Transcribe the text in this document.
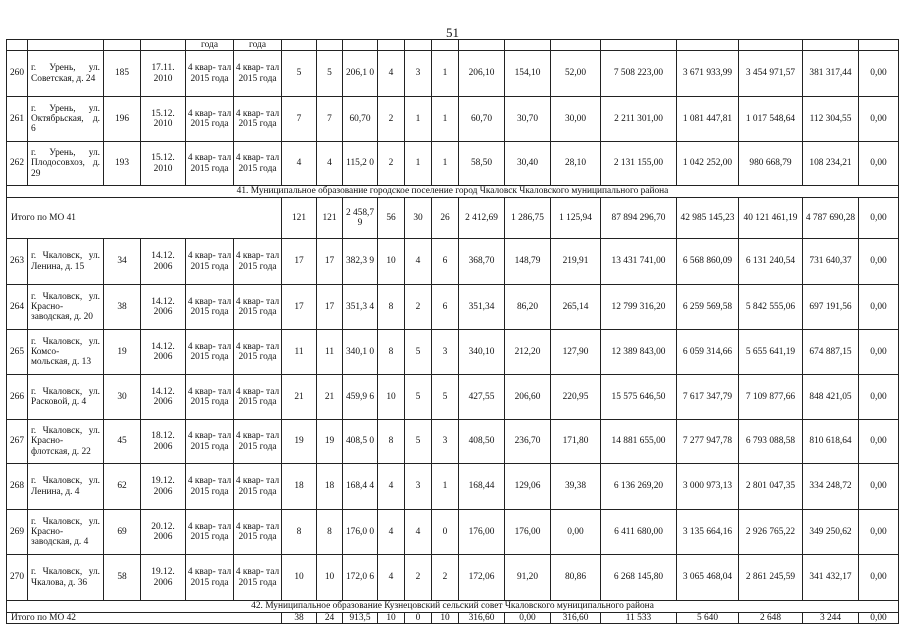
51
				года	года														
260	г. Урень, ул. Советская, д. 24	185	17.11. 2010	4 квар- тал 2015 года	4 квар- тал 2015 года	5	5	206,1 0	4	3	1	206,10	154,10	52,00	7 508 223,00	3 671 933,99	3 454 971,57	381 317,44	0,00
261	г. Урень, ул. Октябрьская, д. 6	196	15.12. 2010	4 квар- тал 2015 года	4 квар- тал 2015 года	7	7	60,70	2	1	1	60,70	30,70	30,00	2 211 301,00	1 081 447,81	1 017 548,64	112 304,55	0,00
262	г. Урень, ул. Плодосовхоз, д. 29	193	15.12. 2010	4 квар- тал 2015 года	4 квар- тал 2015 года	4	4	115,2 0	2	1	1	58,50	30,40	28,10	2 131 155,00	1 042 252,00	980 668,79	108 234,21	0,00
41. Муниципальное образование городское поселение город Чкаловск Чкаловского муниципального района																			
Итого по МО 41						121	121	2 458,7 9	56	30	26	2 412,69	1 286,75	1 125,94	87 894 296,70	42 985 145,23	40 121 461,19	4 787 690,28	0,00
263	г. Чкаловск, ул. Ленина, д. 15	34	14.12. 2006	4 квар- тал 2015 года	4 квар- тал 2015 года	17	17	382,3 9	10	4	6	368,70	148,79	219,91	13 431 741,00	6 568 860,09	6 131 240,54	731 640,37	0,00
264	г. Чкаловск, ул. Красно- заводская, д. 20	38	14.12. 2006	4 квар- тал 2015 года	4 квар- тал 2015 года	17	17	351,3 4	8	2	6	351,34	86,20	265,14	12 799 316,20	6 259 569,58	5 842 555,06	697 191,56	0,00
265	г. Чкаловск, ул. Комсо- мольская, д. 13	19	14.12. 2006	4 квар- тал 2015 года	4 квар- тал 2015 года	11	11	340,1 0	8	5	3	340,10	212,20	127,90	12 389 843,00	6 059 314,66	5 655 641,19	674 887,15	0,00
266	г. Чкаловск, ул. Расковой, д. 4	30	14.12. 2006	4 квар- тал 2015 года	4 квар- тал 2015 года	21	21	459,9 6	10	5	5	427,55	206,60	220,95	15 575 646,50	7 617 347,79	7 109 877,66	848 421,05	0,00
267	г. Чкаловск, ул. Красно- флотская, д. 22	45	18.12. 2006	4 квар- тал 2015 года	4 квар- тал 2015 года	19	19	408,5 0	8	5	3	408,50	236,70	171,80	14 881 655,00	7 277 947,78	6 793 088,58	810 618,64	0,00
268	г. Чкаловск, ул. Ленина, д. 4	62	19.12. 2006	4 квар- тал 2015 года	4 квар- тал 2015 года	18	18	168,4 4	4	3	1	168,44	129,06	39,38	6 136 269,20	3 000 973,13	2 801 047,35	334 248,72	0,00
269	г. Чкаловск, ул. Красно- заводская, д. 4	69	20.12. 2006	4 квар- тал 2015 года	4 квар- тал 2015 года	8	8	176,0 0	4	4	0	176,00	176,00	0,00	6 411 680,00	3 135 664,16	2 926 765,22	349 250,62	0,00
270	г. Чкаловск, ул. Чкалова, д. 36	58	19.12. 2006	4 квар- тал 2015 года	4 квар- тал 2015 года	10	10	172,0 6	4	2	2	172,06	91,20	80,86	6 268 145,80	3 065 468,04	2 861 245,59	341 432,17	0,00
42. Муниципальное образование Кузнецовский сельский совет Чкаловского муниципального района																			
Итого по МО 42						38	24	913,5	10	0	10	316,60	0,00	316,60	11 533	5 640	2 648	3 244	0,00
